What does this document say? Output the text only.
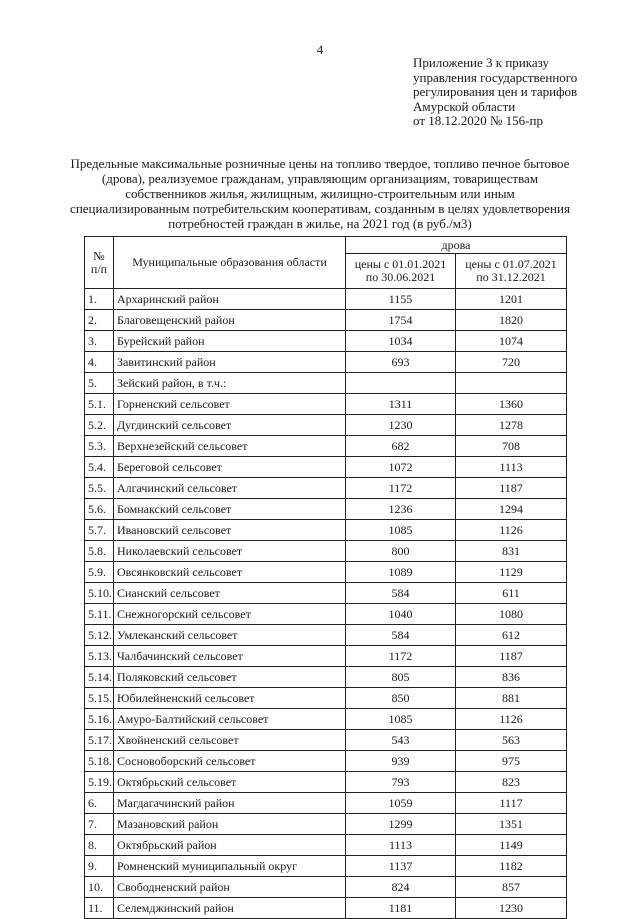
4
Приложение 3 к приказу
управления государственного
регулирования цен и тарифов
Амурской области
от 18.12.2020 № 156-пр
Предельные максимальные розничные цены на топливо твердое, топливо печное бытовое (дрова), реализуемое гражданам, управляющим организациям, товариществам собственников жилья, жилищным, жилищно-строительным или иным специализированным потребительским кооперативам, созданным в целях удовлетворения потребностей граждан в жилье, на 2021 год (в руб./м3)
№ п/п	Муниципальные образования области	дрова	
		цены с 01.01.2021 по 30.06.2021	цены с 01.07.2021 по 31.12.2021
1.	Архаринский район	1155	1201
2.	Благовещенский район	1754	1820
3.	Бурейский район	1034	1074
4.	Завитинский район	693	720
5.	Зейский район, в т.ч.:		
5.1.	Горненский сельсовет	1311	1360
5.2.	Дугдинский сельсовет	1230	1278
5.3.	Верхнезейский сельсовет	682	708
5.4.	Береговой сельсовет	1072	1113
5.5.	Алгачинский сельсовет	1172	1187
5.6.	Бомнакский сельсовет	1236	1294
5.7.	Ивановский сельсовет	1085	1126
5.8.	Николаевский сельсовет	800	831
5.9.	Овсянковский сельсовет	1089	1129
5.10.	Сианский сельсовет	584	611
5.11.	Снежногорский сельсовет	1040	1080
5.12.	Умлеканский сельсовет	584	612
5.13.	Чалбачинский сельсовет	1172	1187
5.14.	Поляковский сельсовет	805	836
5.15.	Юбилейненский сельсовет	850	881
5.16.	Амуро-Балтийский сельсовет	1085	1126
5.17.	Хвойненский сельсовет	543	563
5.18.	Сосновоборский сельсовет	939	975
5.19.	Октябрьский сельсовет	793	823
6.	Магдагачинский район	1059	1117
7.	Мазановский район	1299	1351
8.	Октябрьский район	1113	1149
9.	Ромненский муниципальный округ	1137	1182
10.	Свободненский район	824	857
11.	Селемджинский район	1181	1230
